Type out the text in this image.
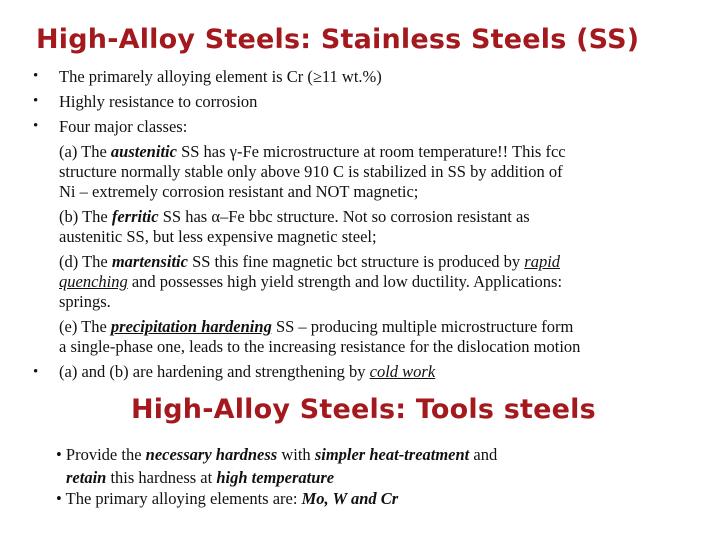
High-Alloy Steels: Stainless Steels (SS)
• The primarely alloying element is Cr (≥11 wt.%)
• Highly resistance to corrosion
• Four major classes:
(a) The austenitic SS has γ-Fe microstructure at room temperature!! This fcc
structure normally stable only above 910 C is stabilized in SS by addition of
Ni – extremely corrosion resistant and NOT magnetic;
(b) The ferritic SS has α–Fe bbc structure. Not so corrosion resistant as
austenitic SS, but less expensive magnetic steel;
(d) The martensitic SS this fine magnetic bct structure is produced by rapid
quenching and possesses high yield strength and low ductility. Applications:
springs.
(e) The precipitation hardening SS – producing multiple microstructure form
a single-phase one, leads to the increasing resistance for the dislocation motion
• (a) and (b) are hardening and strengthening by cold work
High-Alloy Steels: Tools steels
• Provide the necessary hardness with simpler heat-treatment and
retain this hardness at high temperature
• The primary alloying elements are: Mo, W and Cr
